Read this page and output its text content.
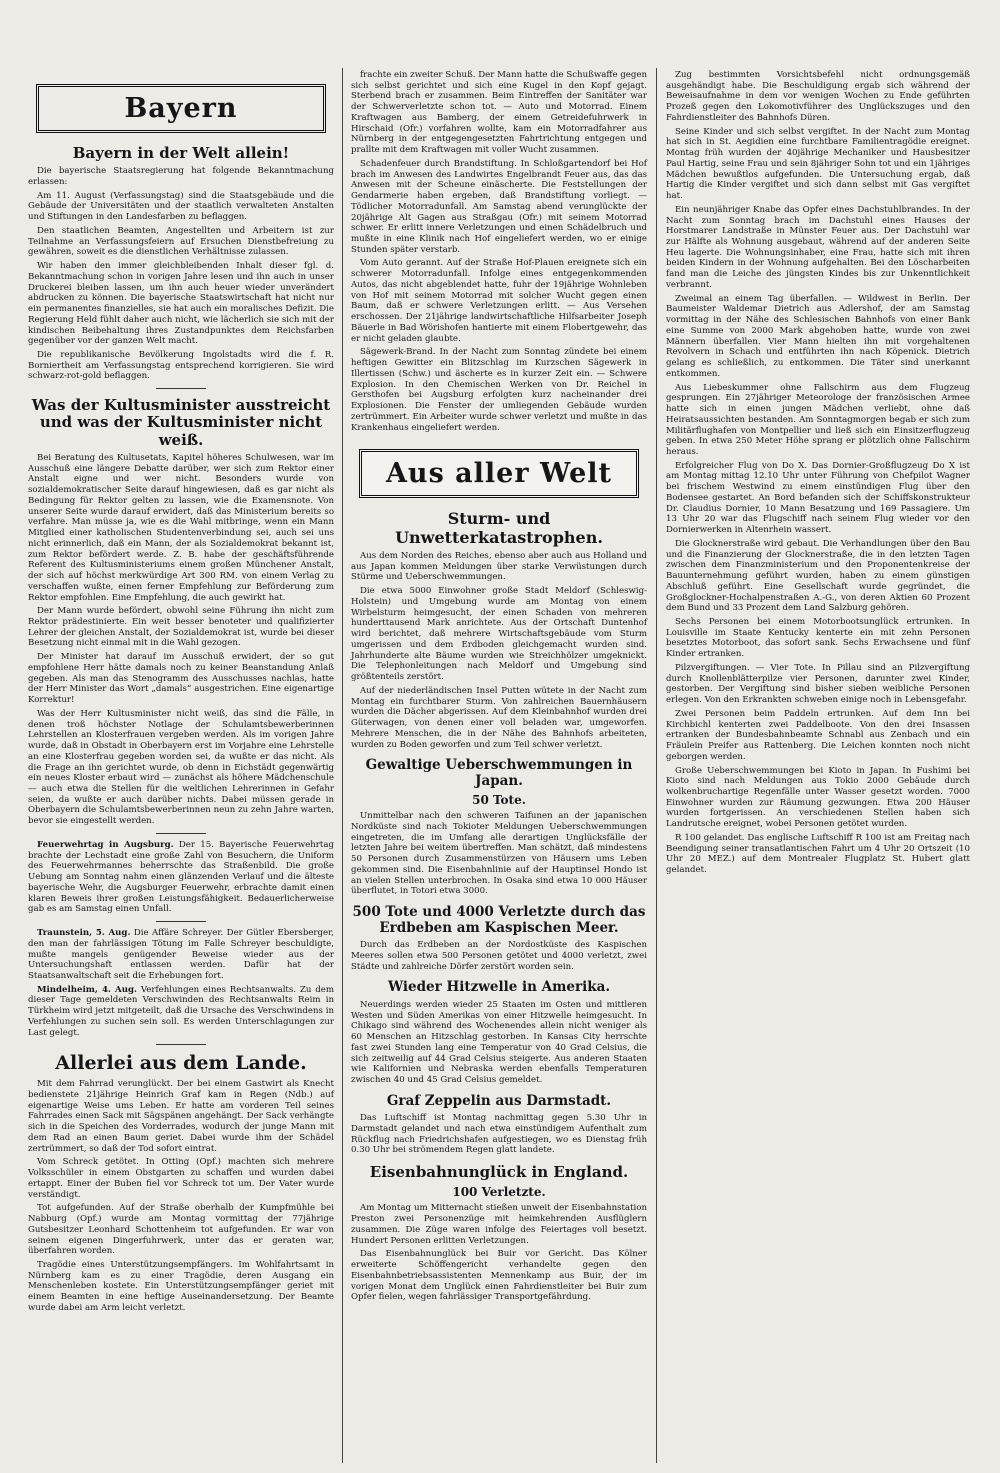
Bayern
Bayern in der Welt allein!

Die bayerische Staatsregierung hat folgende Bekanntmachung erlassen:

Am 11. August (Verfassungstag) sind die Staatsgebäude und die Gebäude der Universitäten und der staatlich verwalteten Anstalten und Stiftungen in den Landesfarben zu beflaggen.

Den staatlichen Beamten, Angestellten und Arbeitern ist zur Teilnahme an Verfassungsfeiern auf Ersuchen Dienstbefreiung zu gewähren, soweit es die dienstlichen Verhältnisse zulassen.

Wir haben den immer gleichbleibenden Inhalt dieser fgl. d. Bekanntmachung schon in vorigen Jahre lesen und ihn auch in unser Druckerei bleiben lassen, um ihn auch heuer wieder unverändert abdrucken zu können. Die bayerische Staatswirtschaft hat nicht nur ein permanentes finanzielles, sie hat auch ein moralisches Defizit. Die Regierung Held fühlt daher auch nicht, wie lächerlich sie sich mit der kindischen Beibehaltung ihres Zustandpunktes dem Reichsfarben gegenüber vor der ganzen Welt macht.

Die republikanische Bevölkerung Ingolstadts wird die f. R. Borniertheit am Verfassungstag entsprechend korrigieren. Sie wird schwarz-rot-gold beflaggen.

Was der Kultusminister ausstreicht und was der Kultusminister nicht weiß.

Bei Beratung des Kultusetats, Kapitel höheres Schulwesen, war im Ausschuß eine längere Debatte darüber, wer sich zum Rektor einer Anstalt eigne und wer nicht. Besonders wurde von sozialdemokratischer Seite darauf hingewiesen, daß es gar nicht als Bedingung für Rektor gelten zu lassen, wie die Examensnote. Von unserer Seite wurde darauf erwidert, daß das Ministerium bereits so verfahre. Man müsse ja, wie es die Wahl mitbringe, wenn ein Mann Mitglied einer katholischen Studentenverbindung sei, auch sei uns nicht erinnerlich, daß ein Mann, der als Sozialdemokrat bekannt ist, zum Rektor befördert werde. Z. B. habe der geschäftsführende Referent des Kultusministeriums einem großen Münchener Anstalt, der sich auf höchst merkwürdige Art 300 RM. von einem Verlag zu verschaffen wußte, einen ferner Empfehlung zur Beförderung zum Rektor empfohlen. Eine Empfehlung, die auch gewirkt hat.

Der Mann wurde befördert, obwohl seine Führung ihn nicht zum Rektor prädestinierte. Ein weit besser benoteter und qualifizierter Lehrer der gleichen Anstalt, der Sozialdemokrat ist, wurde bei dieser Besetzung nicht einmal mit in die Wahl gezogen.

Der Minister hat darauf im Ausschuß erwidert, der so gut empfohlene Herr hätte damals noch zu keiner Beanstandung Anlaß gegeben. Als man das Stenogramm des Ausschusses nachlas, hatte der Herr Minister das Wort „damals“ ausgestrichen. Eine eigenartige Korrektur!

Was der Herr Kultusminister nicht weiß, das sind die Fälle, in denen troß höchster Notlage der Schulamtsbewerberinnen Lehrstellen an Klosterfrauen vergeben werden. Als im vorigen Jahre wurde, daß in Obstadt in Oberbayern erst im Vorjahre eine Lehrstelle an eine Klosterfrau gegeben worden sei, da wußte er das nicht. Als die Frage an ihn gerichtet wurde, ob denn in Eichstädt gegenwärtig ein neues Kloster erbaut wird — zunächst als höhere Mädchenschule — auch etwa die Stellen für die weltlichen Lehrerinnen in Gefahr seien, da wußte er auch darüber nichts. Dabei müssen gerade in Oberbayern die Schulamtsbewerberinnen neun zu zehn Jahre warten, bevor sie eingestellt werden.

Feuerwehrtag in Augsburg. Der 15. Bayerische Feuerwehrtag brachte der Lechstadt eine große Zahl von Besuchern, die Uniform des Feuerwehrmannes beherrschte das Straßenbild. Die große Uebung am Sonntag nahm einen glänzenden Verlauf und die älteste bayerische Wehr, die Augsburger Feuerwehr, erbrachte damit einen klaren Beweis ihrer großen Leistungsfähigkeit. Bedauerlicherweise gab es am Samstag einen Unfall.

Traunstein, 5. Aug. Die Affäre Schreyer. Der Gütler Ebersberger, den man der fahrlässigen Tötung im Falle Schreyer beschuldigte, mußte mangels genügender Beweise wieder aus der Untersuchungshaft entlassen werden. Dafür hat der Staatsanwaltschaft seit die Erhebungen fort.

Mindelheim, 4. Aug. Verfehlungen eines Rechtsanwalts. Zu dem dieser Tage gemeldeten Verschwinden des Rechtsanwalts Reim in Türkheim wird jetzt mitgeteilt, daß die Ursache des Verschwindens in Verfehlungen zu suchen sein soll. Es werden Unterschlagungen zur Last gelegt.

Allerlei aus dem Lande.

Mit dem Fahrrad verunglückt. Der bei einem Gastwirt als Knecht bedienstete 21jährige Heinrich Graf kam in Regen (Ndb.) auf eigenartige Weise ums Leben. Er hatte am vorderen Teil seines Fahrrades einen Sack mit Sägspänen angehängt. Der Sack verhängte sich in die Speichen des Vorderrades, wodurch der junge Mann mit dem Rad an einen Baum geriet. Dabei wurde ihm der Schädel zertrümmert, so daß der Tod sofort eintrat.

Vom Schreck getötet. In Otting (Opf.) machten sich mehrere Volksschüler in einem Obstgarten zu schaffen und wurden dabei ertappt. Einer der Buben fiel vor Schreck tot um. Der Vater wurde verständigt.

Tot aufgefunden. Auf der Straße oberhalb der Kumpfmühle bei Nabburg (Opf.) wurde am Montag vormittag der 77jährige Gutsbesitzer Leonhard Schottenheim tot aufgefunden. Er war von seinem eigenen Dingerfuhrwerk, unter das er geraten war, überfahren worden.

Tragödie eines Unterstützungsempfängers. Im Wohlfahrtsamt in Nürnberg kam es zu einer Tragödie, deren Ausgang ein Menschenleben kostete. Ein Unterstützungsempfänger geriet mit einem Beamten in eine heftige Auseinandersetzung. Der Beamte wurde dabei am Arm leicht verletzt.

frachte ein zweiter Schuß. Der Mann hatte die Schußwaffe gegen sich selbst gerichtet und sich eine Kugel in den Kopf gejagt. Sterbend brach er zusammen. Beim Eintreffen der Sanitäter war der Schwerverletzte schon tot. — Auto und Motorrad. Einem Kraftwagen aus Bamberg, der einem Getreidefuhrwerk in Hirschaid (Ofr.) vorfahren wollte, kam ein Motorradfahrer aus Nürnberg in der entgegengesetzten Fahrtrichtung entgegen und prallte mit dem Kraftwagen mit voller Wucht zusammen.

Schadenfeuer durch Brandstiftung. In Schloßgartendorf bei Hof brach im Anwesen des Landwirtes Engelbrandt Feuer aus, das das Anwesen mit der Scheune einäscherte. Die Feststellungen der Gendarmerie haben ergeben, daß Brandstiftung vorliegt. — Tödlicher Motorradunfall. Am Samstag abend verunglückte der 20jährige Alt Gagen aus Straßgau (Ofr.) mit seinem Motorrad schwer. Er erlitt innere Verletzungen und einen Schädelbruch und mußte in eine Klinik nach Hof eingeliefert werden, wo er einige Stunden später verstarb.

Vom Auto gerannt. Auf der Straße Hof-Plauen ereignete sich ein schwerer Motorradunfall. Infolge eines entgegenkommenden Autos, das nicht abgeblendet hatte, fuhr der 19jährige Wohnleben von Hof mit seinem Motorrad mit solcher Wucht gegen einen Baum, daß er schwere Verletzungen erlitt. — Aus Versehen erschossen. Der 21jährige landwirtschaftliche Hilfsarbeiter Joseph Bäuerle in Bad Wörishofen hantierte mit einem Flobertgewehr, das er nicht geladen glaubte.

Sägewerk-Brand. In der Nacht zum Sonntag zündete bei einem heftigen Gewitter ein Blitzschlag im Kurzschen Sägewerk in Illertissen (Schw.) und äscherte es in kurzer Zeit ein. — Schwere Explosion. In den Chemischen Werken von Dr. Reichel in Gersthofen bei Augsburg erfolgten kurz nacheinander drei Explosionen. Die Fenster der umliegenden Gebäude wurden zertrümmert. Ein Arbeiter wurde schwer verletzt und mußte in das Krankenhaus eingeliefert werden.

Aus aller Welt
Sturm- und Unwetterkatastrophen.

Aus dem Norden des Reiches, ebenso aber auch aus Holland und aus Japan kommen Meldungen über starke Verwüstungen durch Stürme und Ueberschwemmungen.

Die etwa 5000 Einwohner große Stadt Meldorf (Schleswig-Holstein) und Umgebung wurde am Montag von einem Wirbelsturm heimgesucht, der einen Schaden von mehreren hunderttausend Mark anrichtete. Aus der Ortschaft Duntenhof wird berichtet, daß mehrere Wirtschaftsgebäude vom Sturm umgerissen und dem Erdboden gleichgemacht wurden sind. Jahrhunderte alte Bäume wurden wie Streichhölzer umgeknickt. Die Telephonleitungen nach Meldorf und Umgebung sind größtenteils zerstört.

Auf der niederländischen Insel Putten wütete in der Nacht zum Montag ein furchtbarer Sturm. Von zahlreichen Bauernhäusern wurden die Dächer abgerissen. Auf dem Kleinbahnhof wurden drei Güterwagen, von denen einer voll beladen war, umgeworfen. Mehrere Menschen, die in der Nähe des Bahnhofs arbeiteten, wurden zu Boden geworfen und zum Teil schwer verletzt.

Gewaltige Ueberschwemmungen in Japan.
50 Tote.

Unmittelbar nach den schweren Taifunen an der japanischen Nordküste sind nach Tokioter Meldungen Ueberschwemmungen eingetreten, die im Umfang alle derartigen Unglücksfälle der letzten Jahre bei weitem übertreffen. Man schätzt, daß mindestens 50 Personen durch Zusammenstürzen von Häusern ums Leben gekommen sind. Die Eisenbahnlinie auf der Hauptinsel Hondo ist an vielen Stellen unterbrochen. In Osaka sind etwa 10 000 Häuser überflutet, in Totori etwa 3000.

500 Tote und 4000 Verletzte durch das Erdbeben am Kaspischen Meer.

Durch das Erdbeben an der Nordostküste des Kaspischen Meeres sollen etwa 500 Personen getötet und 4000 verletzt, zwei Städte und zahlreiche Dörfer zerstört worden sein.

Wieder Hitzwelle in Amerika.

Neuerdings werden wieder 25 Staaten im Osten und mittleren Westen und Süden Amerikas von einer Hitzwelle heimgesucht. In Chikago sind während des Wochenendes allein nicht weniger als 60 Menschen an Hitzschlag gestorben. In Kansas City herrschte fast zwei Stunden lang eine Temperatur von 40 Grad Celsius, die sich zeitweilig auf 44 Grad Celsius steigerte. Aus anderen Staaten wie Kalifornien und Nebraska werden ebenfalls Temperaturen zwischen 40 und 45 Grad Celsius gemeldet.

Graf Zeppelin aus Darmstadt.

Das Luftschiff ist Montag nachmittag gegen 5.30 Uhr in Darmstadt gelandet und nach etwa einstündigem Aufenthalt zum Rückflug nach Friedrichshafen aufgestiegen, wo es Dienstag früh 0.30 Uhr bei strömendem Regen glatt landete.

Eisenbahnunglück in England.
100 Verletzte.

Am Montag um Mitternacht stießen unweit der Eisenbahnstation Preston zwei Personenzüge mit heimkehrenden Ausflüglern zusammen. Die Züge waren infolge des Feiertages voll besetzt. Hundert Personen erlitten Verletzungen.

Das Eisenbahnunglück bei Buir vor Gericht. Das Kölner erweiterte Schöffengericht verhandelte gegen den Eisenbahnbetriebsassistenten Mennenkamp aus Buir, der im vorigen Monat dem Unglück einen Fahrdienstleiter bei Buir zum Opfer fielen, wegen fahrlässiger Transportgefährdung.

Zug bestimmten Vorsichtsbefehl nicht ordnungsgemäß ausgehändigt habe. Die Beschuldigung ergab sich während der Beweisaufnahme in dem vor wenigen Wochen zu Ende geführten Prozeß gegen den Lokomotivführer des Unglückszuges und den Fahrdienstleiter des Bahnhofs Düren.

Seine Kinder und sich selbst vergiftet. In der Nacht zum Montag hat sich in St. Aegidien eine furchtbare Familientragödie ereignet. Montag früh wurden der 40jährige Mechaniker und Hausbesitzer Paul Hartig, seine Frau und sein 8jähriger Sohn tot und ein 1jähriges Mädchen bewußtlos aufgefunden. Die Untersuchung ergab, daß Hartig die Kinder vergiftet und sich dann selbst mit Gas vergiftet hat.

Ein neunjähriger Knabe das Opfer eines Dachstuhlbrandes. In der Nacht zum Sonntag brach im Dachstuhl eines Hauses der Horstmarer Landstraße in Münster Feuer aus. Der Dachstuhl war zur Hälfte als Wohnung ausgebaut, während auf der anderen Seite Heu lagerte. Die Wohnungsinhaber, eine Frau, hatte sich mit ihren beiden Kindern in der Wohnung aufgehalten. Bei den Löscharbeiten fand man die Leiche des jüngsten Kindes bis zur Unkenntlichkeit verbrannt.

Zweimal an einem Tag überfallen. — Wildwest in Berlin. Der Baumeister Waldemar Dietrich aus Adlershof, der am Samstag vormittag in der Nähe des Schlesischen Bahnhofs von einer Bank eine Summe von 2000 Mark abgehoben hatte, wurde von zwei Männern überfallen. Vier Mann hielten ihn mit vorgehaltenen Revolvern in Schach und entführten ihn nach Köpenick. Dietrich gelang es schließlich, zu entkommen. Die Täter sind unerkannt entkommen.

Aus Liebeskummer ohne Fallschirm aus dem Flugzeug gesprungen. Ein 27jähriger Meteorologe der französischen Armee hatte sich in einen jungen Mädchen verliebt, ohne daß Heiratsaussichten bestanden. Am Sonntagmorgen begab er sich zum Militärflughafen von Montpellier und ließ sich ein Einsitzerflugzeug geben. In etwa 250 Meter Höhe sprang er plötzlich ohne Fallschirm heraus.

Erfolgreicher Flug von Do X. Das Dornier-Großflugzeug Do X ist am Montag mittag 12.10 Uhr unter Führung von Chefpilot Wagner bei frischem Westwind zu einem einstündigen Flug über den Bodensee gestartet. An Bord befanden sich der Schiffskonstrukteur Dr. Claudius Dornier, 10 Mann Besatzung und 169 Passagiere. Um 13 Uhr 20 war das Flugschiff nach seinem Flug wieder vor den Dornierwerken in Altenrhein wassert.

Die Glocknerstraße wird gebaut. Die Verhandlungen über den Bau und die Finanzierung der Glocknerstraße, die in den letzten Tagen zwischen dem Finanzministerium und den Proponentenkreise der Bauunternehmung geführt wurden, haben zu einem günstigen Abschluß geführt. Eine Gesellschaft wurde gegründet, die Großglockner-Hochalpenstraßen A.-G., von deren Aktien 60 Prozent dem Bund und 33 Prozent dem Land Salzburg gehören.

Sechs Personen bei einem Motorbootsunglück ertrunken. In Louisville im Staate Kentucky kenterte ein mit zehn Personen besetztes Motorboot, das sofort sank. Sechs Erwachsene und fünf Kinder ertranken.

Pilzvergiftungen. — Vier Tote. In Pillau sind an Pilzvergiftung durch Knollenblätterpilze vier Personen, darunter zwei Kinder, gestorben. Der Vergiftung sind bisher sieben weibliche Personen erlegen. Von den Erkrankten schweben einige noch in Lebensgefahr.

Zwei Personen beim Paddeln ertrunken. Auf dem Inn bei Kirchbichl kenterten zwei Paddelboote. Von den drei Insassen ertranken der Bundesbahnbeamte Schnabl aus Zenbach und ein Fräulein Preifer aus Rattenberg. Die Leichen konnten noch nicht geborgen werden.

Große Ueberschwemmungen bei Kioto in Japan. In Fushimi bei Kioto sind nach Meldungen aus Tokio 2000 Gebäude durch wolkenbruchartige Regenfälle unter Wasser gesetzt worden. 7000 Einwohner wurden zur Räumung gezwungen. Etwa 200 Häuser wurden fortgerissen. An verschiedenen Stellen haben sich Landrutsche ereignet, wobei Personen getötet wurden.

R 100 gelandet. Das englische Luftschiff R 100 ist am Freitag nach Beendigung seiner transatlantischen Fahrt um 4 Uhr 20 Ortszeit (10 Uhr 20 MEZ.) auf dem Montrealer Flugplatz St. Hubert glatt gelandet.
